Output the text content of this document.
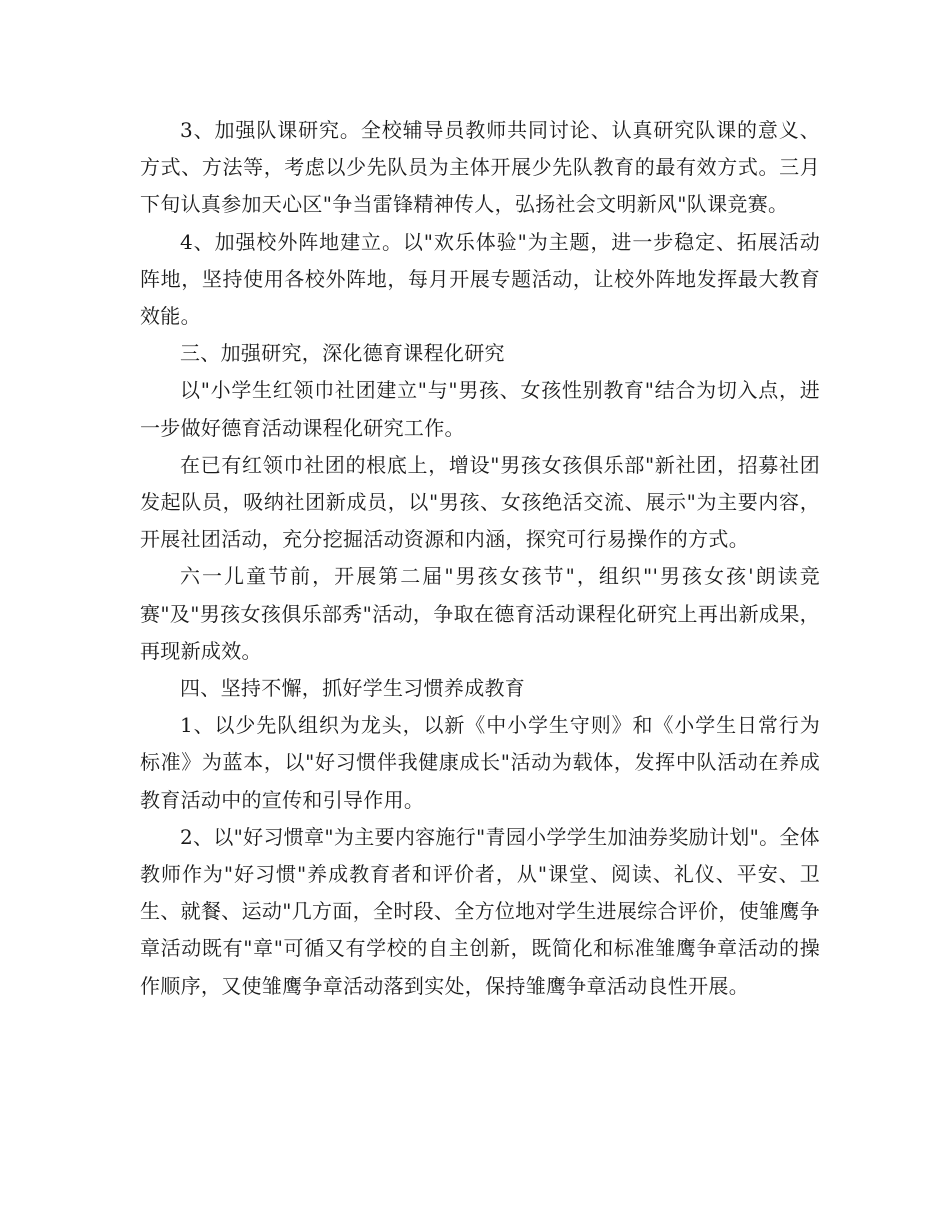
3、加强队课研究。全校辅导员教师共同讨论、认真研究队课的意义、方式、方法等，考虑以少先队员为主体开展少先队教育的最有效方式。三月下旬认真参加天心区"争当雷锋精神传人，弘扬社会文明新风"队课竞赛。

4、加强校外阵地建立。以"欢乐体验"为主题，进一步稳定、拓展活动阵地，坚持使用各校外阵地，每月开展专题活动，让校外阵地发挥最大教育效能。

三、加强研究，深化德育课程化研究

以"小学生红领巾社团建立"与"男孩、女孩性别教育"结合为切入点，进一步做好德育活动课程化研究工作。

在已有红领巾社团的根底上，增设"男孩女孩俱乐部"新社团，招募社团发起队员，吸纳社团新成员，以"男孩、女孩绝活交流、展示"为主要内容，开展社团活动，充分挖掘活动资源和内涵，探究可行易操作的方式。

六一儿童节前，开展第二届"男孩女孩节"，组织"'男孩女孩'朗读竞赛"及"男孩女孩俱乐部秀"活动，争取在德育活动课程化研究上再出新成果，再现新成效。

四、坚持不懈，抓好学生习惯养成教育

1、以少先队组织为龙头，以新《中小学生守则》和《小学生日常行为标准》为蓝本，以"好习惯伴我健康成长"活动为载体，发挥中队活动在养成教育活动中的宣传和引导作用。

2、以"好习惯章"为主要内容施行"青园小学学生加油券奖励计划"。全体教师作为"好习惯"养成教育者和评价者，从"课堂、阅读、礼仪、平安、卫生、就餐、运动"几方面，全时段、全方位地对学生进展综合评价，使雏鹰争章活动既有"章"可循又有学校的自主创新，既简化和标准雏鹰争章活动的操作顺序，又使雏鹰争章活动落到实处，保持雏鹰争章活动良性开展。
